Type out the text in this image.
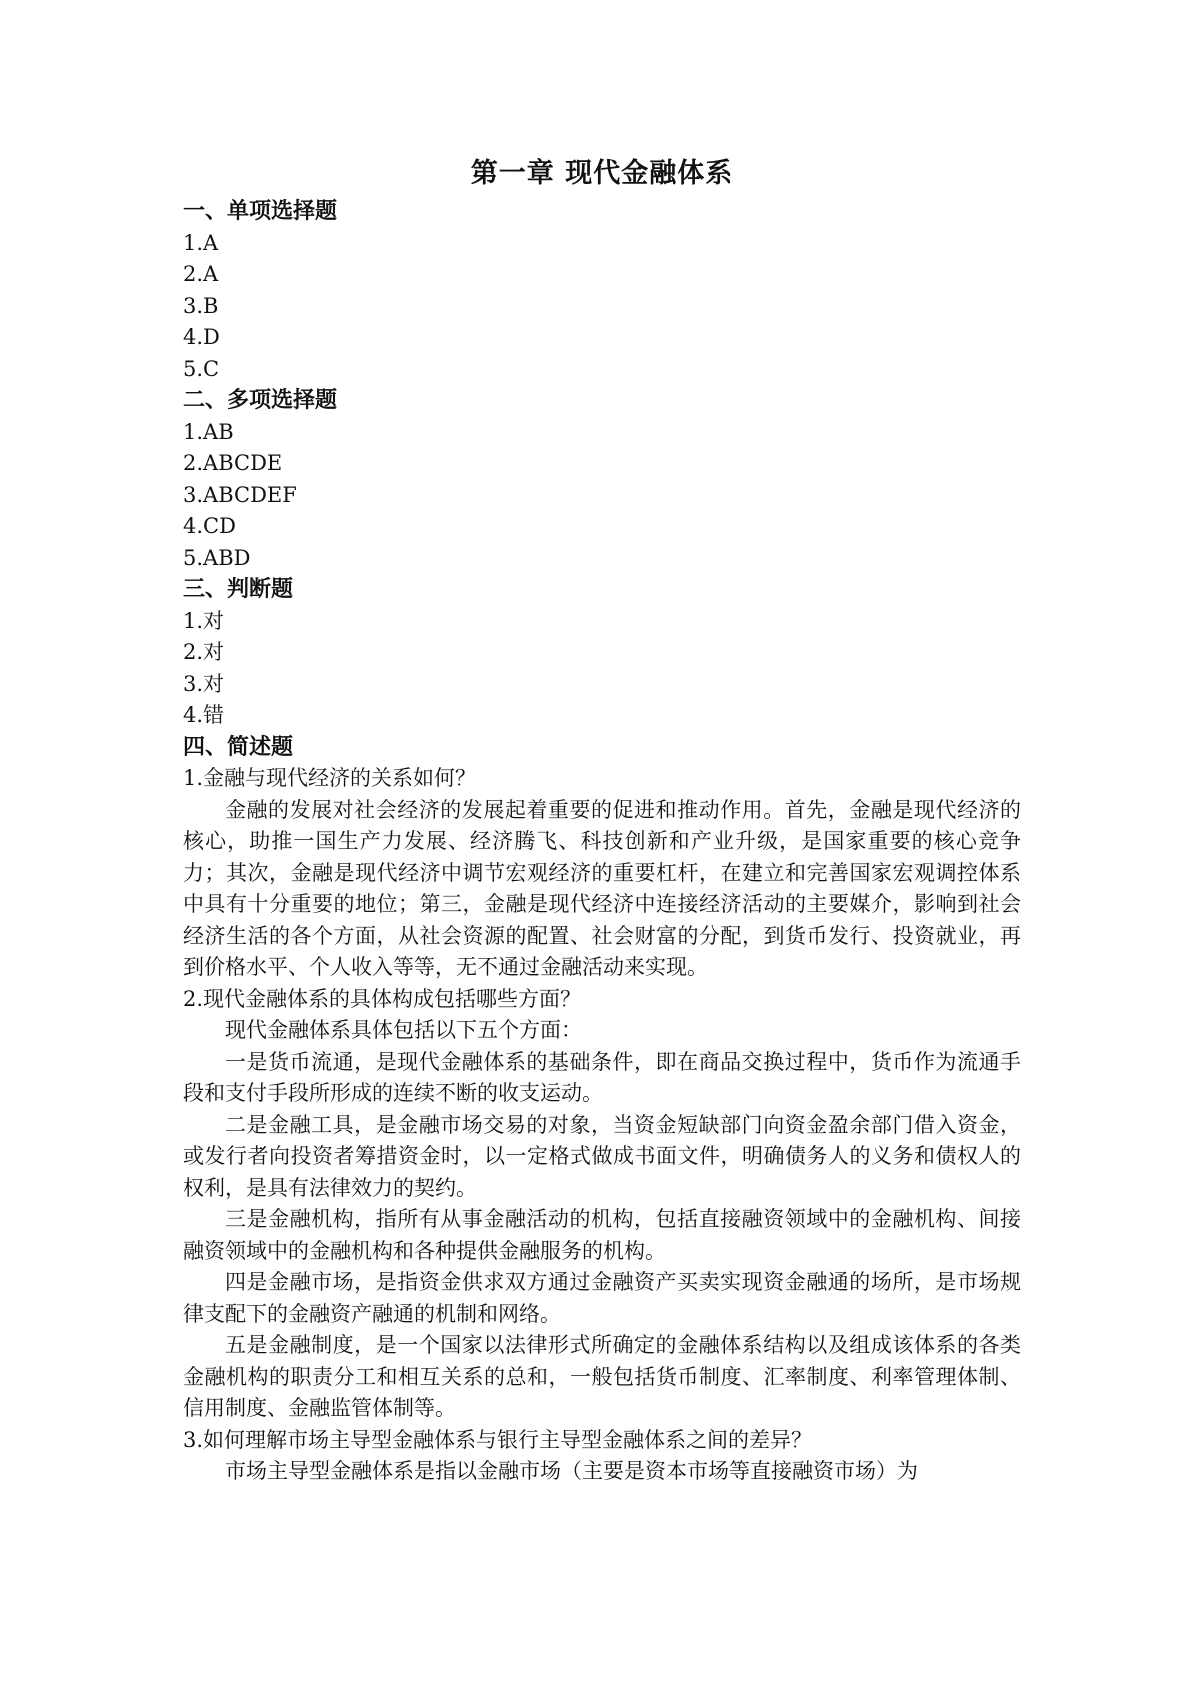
第一章 现代金融体系
一、单项选择题

1.A

2.A

3.B

4.D

5.C

二、多项选择题

1.AB

2.ABCDE

3.ABCDEF

4.CD

5.ABD

三、判断题

1.对

2.对

3.对

4.错

四、简述题

1.金融与现代经济的关系如何？

金融的发展对社会经济的发展起着重要的促进和推动作用。首先，金融是现代经济的核心，助推一国生产力发展、经济腾飞、科技创新和产业升级，是国家重要的核心竞争力；其次，金融是现代经济中调节宏观经济的重要杠杆，在建立和完善国家宏观调控体系中具有十分重要的地位；第三，金融是现代经济中连接经济活动的主要媒介，影响到社会经济生活的各个方面，从社会资源的配置、社会财富的分配，到货币发行、投资就业，再到价格水平、个人收入等等，无不通过金融活动来实现。

2.现代金融体系的具体构成包括哪些方面？

现代金融体系具体包括以下五个方面：

一是货币流通，是现代金融体系的基础条件，即在商品交换过程中，货币作为流通手段和支付手段所形成的连续不断的收支运动。

二是金融工具，是金融市场交易的对象，当资金短缺部门向资金盈余部门借入资金，或发行者向投资者筹措资金时，以一定格式做成书面文件，明确债务人的义务和债权人的权利，是具有法律效力的契约。

三是金融机构，指所有从事金融活动的机构，包括直接融资领域中的金融机构、间接融资领域中的金融机构和各种提供金融服务的机构。

四是金融市场，是指资金供求双方通过金融资产买卖实现资金融通的场所，是市场规律支配下的金融资产融通的机制和网络。

五是金融制度，是一个国家以法律形式所确定的金融体系结构以及组成该体系的各类金融机构的职责分工和相互关系的总和，一般包括货币制度、汇率制度、利率管理体制、信用制度、金融监管体制等。

3.如何理解市场主导型金融体系与银行主导型金融体系之间的差异？

市场主导型金融体系是指以金融市场（主要是资本市场等直接融资市场）为
